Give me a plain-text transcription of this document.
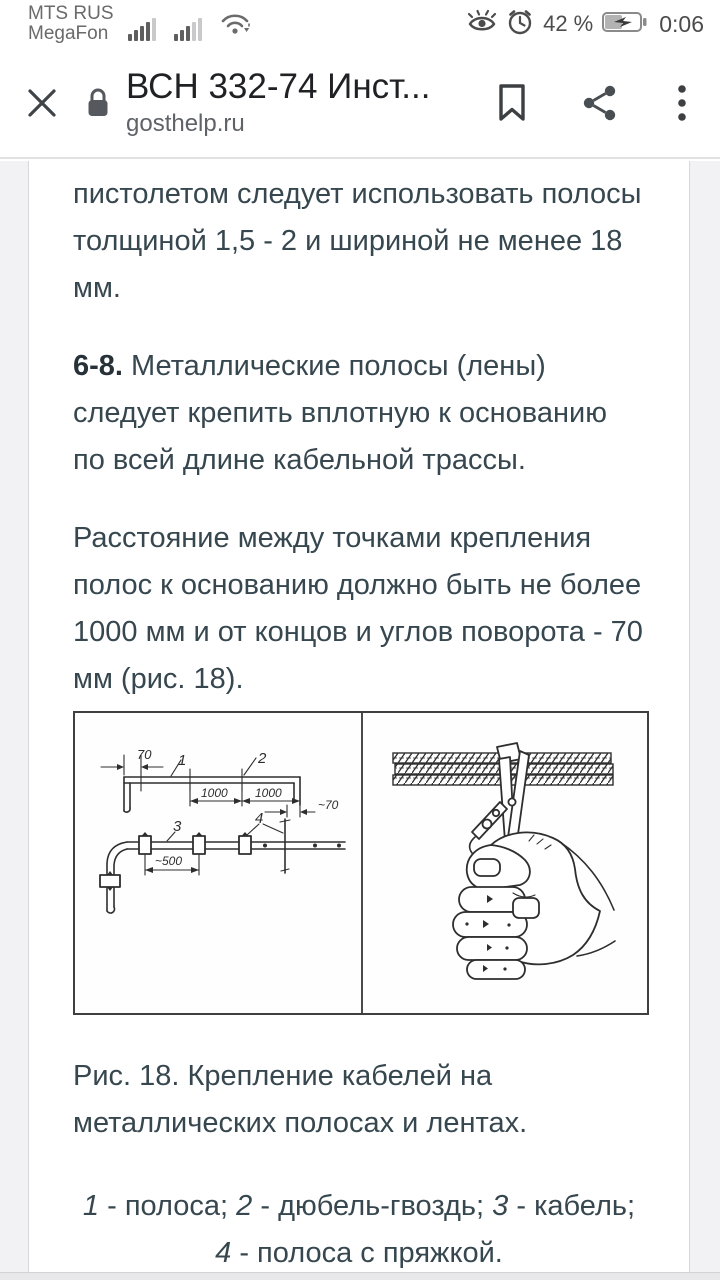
MTS RUS
MegaFon	42 %	0:06
ВСН 332-74 Инст...
gosthelp.ru

пистолетом следует использовать полосы толщиной 1,5 - 2 и шириной не менее 18 мм.

6-8. Металлические полосы (лены) следует крепить вплотную к основанию по всей длине кабельной трассы.

Расстояние между точками крепления полос к основанию должно быть не более 1000 мм и от концов и углов поворота - 70 мм (рис. 18).

70 1	2
1000 1000
~70
3	4
~500

Рис. 18. Крепление кабелей на металлических полосах и лентах.

1 - полоса; 2 - дюбель-гвоздь; 3 - кабель; 4 - полоса с пряжкой.
